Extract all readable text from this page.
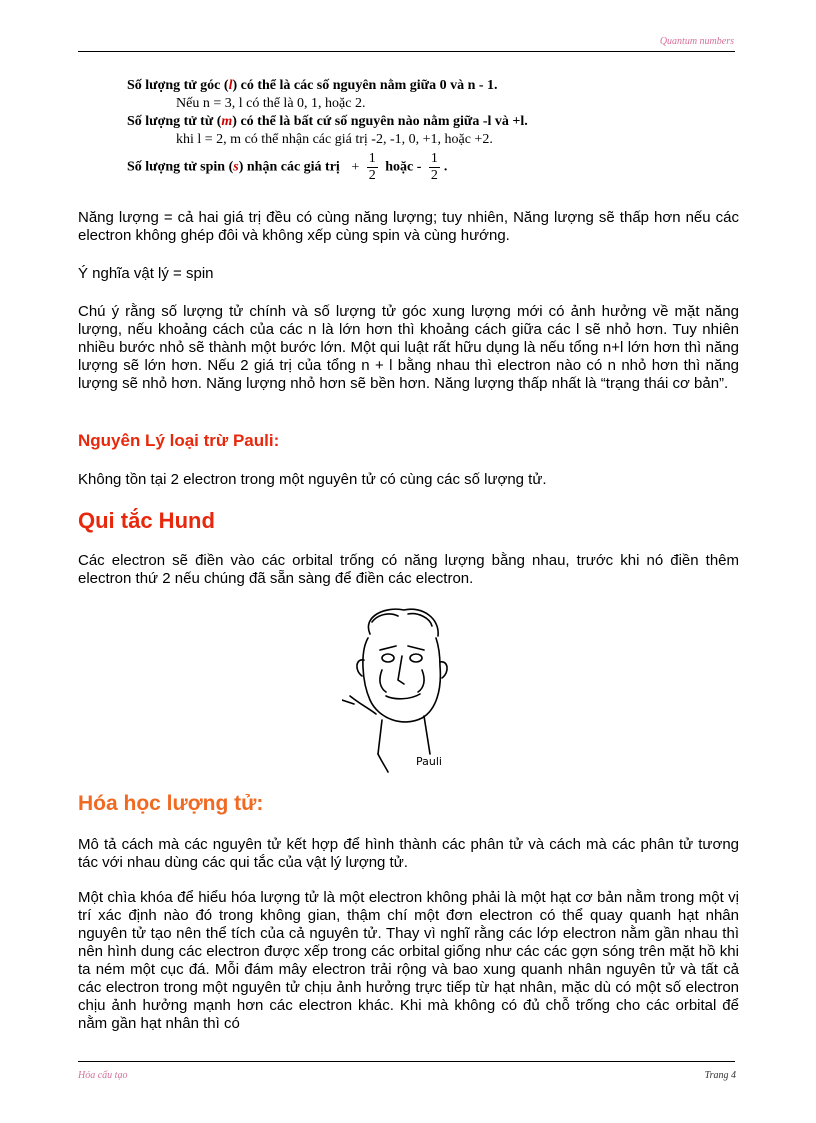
Quantum numbers
Số lượng tử góc (l) có thể là các số nguyên nằm giữa 0 và n - 1.
Nếu n = 3, l có thể là 0, 1, hoặc 2.
Số lượng tử từ (m) có thể là bất cứ số nguyên nào nằm giữa -l và +l.
khi l = 2, m có thể nhận các giá trị -2, -1, 0, +1, hoặc +2.
Số lượng tử spin (s) nhận các giá trị + $\frac{1}{2}$ hoặc - $\frac{1}{2}$ .
Năng lượng = cả hai giá trị đều có cùng năng lượng; tuy nhiên, Năng lượng sẽ thấp hơn nếu các electron không ghép đôi và không xếp cùng spin và cùng hướng.
Ý nghĩa vật lý = spin
Chú ý rằng số lượng tử chính và số lượng tử góc xung lượng mới có ảnh hưởng về mặt năng lượng, nếu khoảng cách của các n là lớn hơn thì khoảng cách giữa các l sẽ nhỏ hơn. Tuy nhiên nhiều bước nhỏ sẽ thành một bước lớn. Một qui luật rất hữu dụng là nếu tổng n+l lớn hơn thì năng lượng sẽ lớn hơn. Nếu 2 giá trị của tổng n + l bằng nhau thì electron nào có n nhỏ hơn thì năng lượng sẽ nhỏ hơn. Năng lượng nhỏ hơn sẽ bền hơn. Năng lượng thấp nhất là “trạng thái cơ bản”.
Nguyên Lý loại trừ Pauli:
Không tồn tại 2 electron trong một nguyên tử có cùng các số lượng tử.
Qui tắc Hund
Các electron sẽ điền vào các orbital trống có năng lượng bằng nhau, trước khi nó điền thêm electron thứ 2 nếu chúng đã sẵn sàng để điền các electron.
Pauli
Hóa học lượng tử:
Mô tả cách mà các nguyên tử kết hợp để hình thành các phân tử và cách mà các phân tử tương tác với nhau dùng các qui tắc của vật lý lượng tử.
Một chìa khóa để hiểu hóa lượng tử là một electron không phải là một hạt cơ bản nằm trong một vị trí xác định nào đó trong không gian, thậm chí một đơn electron có thể quay quanh hạt nhân nguyên tử tạo nên thể tích của cả nguyên tử. Thay vì nghĩ rằng các lớp electron nằm gần nhau thì nên hình dung các electron được xếp trong các orbital giống như các các gợn sóng trên mặt hồ khi ta ném một cục đá. Mỗi đám mây electron trải rộng và bao xung quanh nhân nguyên tử và tất cả các electron trong một nguyên tử chịu ảnh hưởng trực tiếp từ hạt nhân, mặc dù có một số electron chịu ảnh hưởng mạnh hơn các electron khác. Khi mà không có đủ chỗ trống cho các orbital để nằm gần hạt nhân thì có
Hóa cấu tạo	Trang 4
